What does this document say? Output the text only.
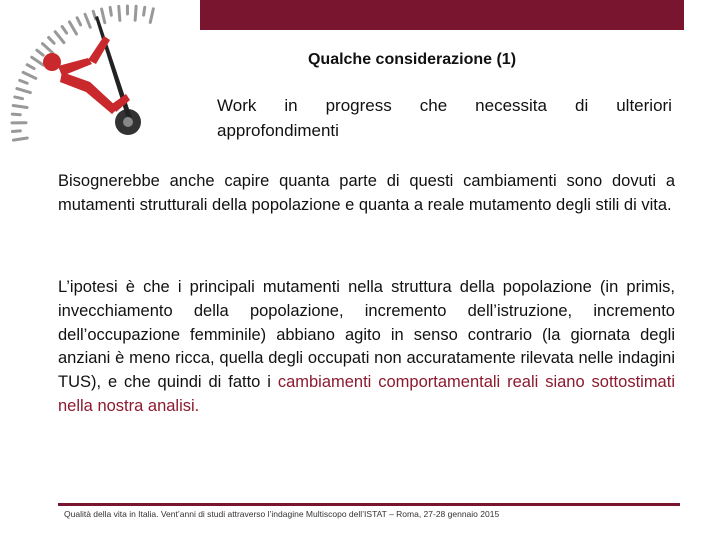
Qualche considerazione (1)
Work in progress che necessita di ulteriori
approfondimenti
Bisognerebbe anche capire quanta parte di questi cambiamenti sono dovuti a mutamenti strutturali della popolazione e quanta a reale mutamento degli stili di vita.
L’ipotesi è che i principali mutamenti nella struttura della popolazione (in primis, invecchiamento della popolazione, incremento dell’istruzione, incremento dell’occupazione femminile) abbiano agito in senso contrario (la giornata degli anziani è meno ricca, quella degli occupati non accuratamente rilevata nelle indagini TUS), e che quindi di fatto i cambiamenti comportamentali reali siano sottostimati nella nostra analisi.
Qualità della vita in Italia. Vent’anni di studi attraverso l’indagine Multiscopo dell’ISTAT – Roma, 27-28 gennaio 2015
